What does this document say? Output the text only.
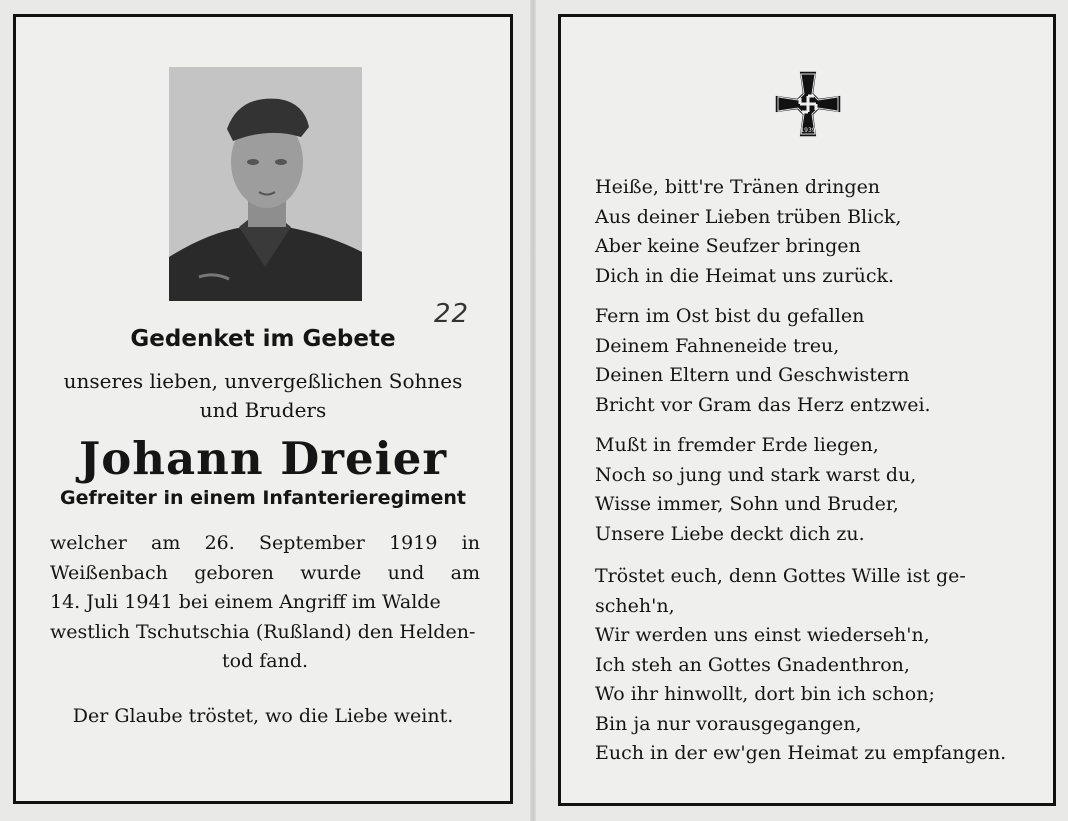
22
Gedenket im Gebete
unseres lieben, unvergeßlichen Sohnes
und Bruders
Johann Dreier
Gefreiter in einem Infanterieregiment
welcher am 26. September 1919 in
Weißenbach geboren wurde und am
14. Juli 1941 bei einem Angriff im Walde
westlich Tschutschia (Rußland) den Helden-
tod fand.
Der Glaube tröstet, wo die Liebe weint.
1939
Heiße, bitt're Tränen dringen
Aus deiner Lieben trüben Blick,
Aber keine Seufzer bringen
Dich in die Heimat uns zurück.
Fern im Ost bist du gefallen
Deinem Fahneneide treu,
Deinen Eltern und Geschwistern
Bricht vor Gram das Herz entzwei.
Mußt in fremder Erde liegen,
Noch so jung und stark warst du,
Wisse immer, Sohn und Bruder,
Unsere Liebe deckt dich zu.
Tröstet euch, denn Gottes Wille ist ge-
scheh'n,
Wir werden uns einst wiederseh'n,
Ich steh an Gottes Gnadenthron,
Wo ihr hinwollt, dort bin ich schon;
Bin ja nur vorausgegangen,
Euch in der ew'gen Heimat zu empfangen.
